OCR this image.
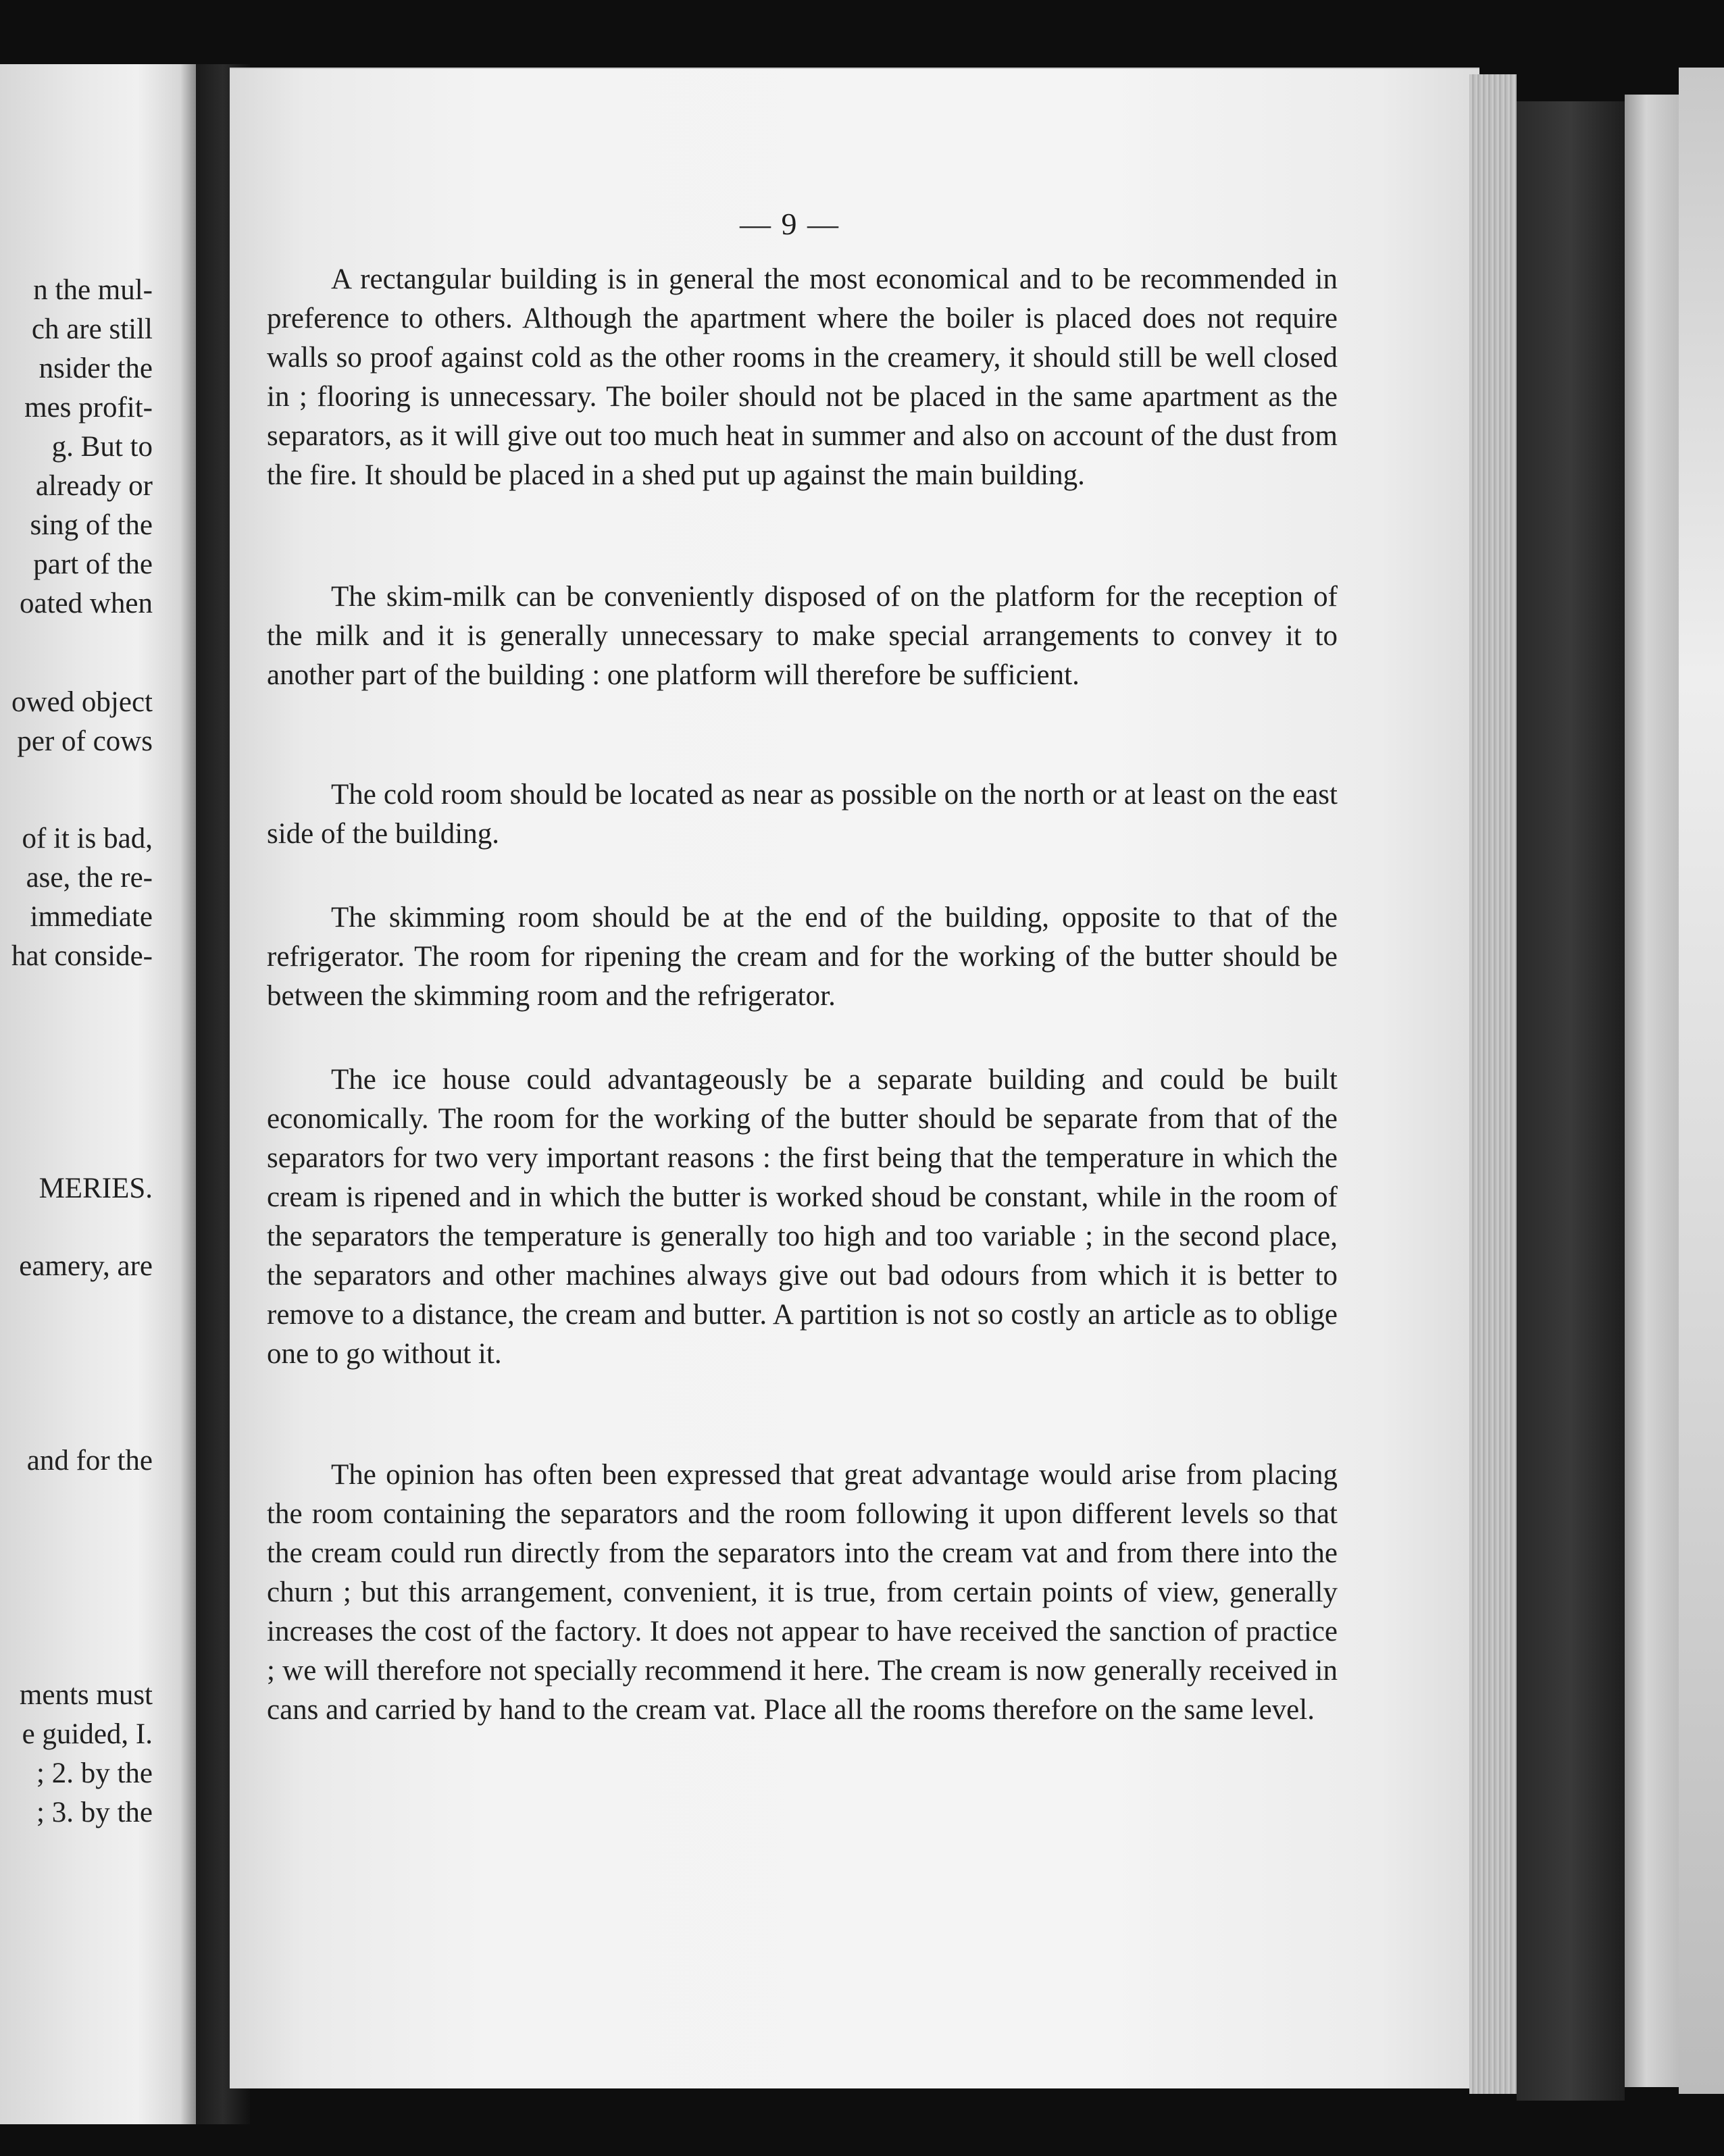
n the mul-
ch are still
nsider the
mes profit-
g. But to
already or
sing of the
part of the
oated when
owed object
per of cows
of it is bad,
ase, the re-
immediate
hat conside-
MERIES.
eamery, are
and for the
ments must
e guided, I.
; 2. by the
; 3. by the
— 9 —

A rectangular building is in general the most economical and to be recommended in preference to others. Although the apartment where the boiler is placed does not require walls so proof against cold as the other rooms in the creamery, it should still be well closed in ; flooring is unnecessary. The boiler should not be placed in the same apartment as the separators, as it will give out too much heat in summer and also on account of the dust from the fire. It should be placed in a shed put up against the main building.

The skim-milk can be conveniently disposed of on the platform for the reception of the milk and it is generally unnecessary to make special arrangements to convey it to another part of the building : one platform will therefore be sufficient.

The cold room should be located as near as possible on the north or at least on the east side of the building.

The skimming room should be at the end of the building, opposite to that of the refrigerator. The room for ripening the cream and for the working of the butter should be between the skimming room and the refrigerator.

The ice house could advantageously be a separate building and could be built economically. The room for the working of the butter should be separate from that of the separators for two very important reasons : the first being that the temperature in which the cream is ripened and in which the butter is worked shoud be constant, while in the room of the separators the temperature is generally too high and too variable ; in the second place, the separators and other machines always give out bad odours from which it is better to remove to a distance, the cream and butter. A partition is not so costly an article as to oblige one to go without it.

The opinion has often been expressed that great advantage would arise from placing the room containing the separators and the room following it upon different levels so that the cream could run directly from the separators into the cream vat and from there into the churn ; but this arrangement, convenient, it is true, from certain points of view, generally increases the cost of the factory. It does not appear to have received the sanction of practice ; we will therefore not specially recommend it here. The cream is now generally received in cans and carried by hand to the cream vat. Place all the rooms therefore on the same level.
